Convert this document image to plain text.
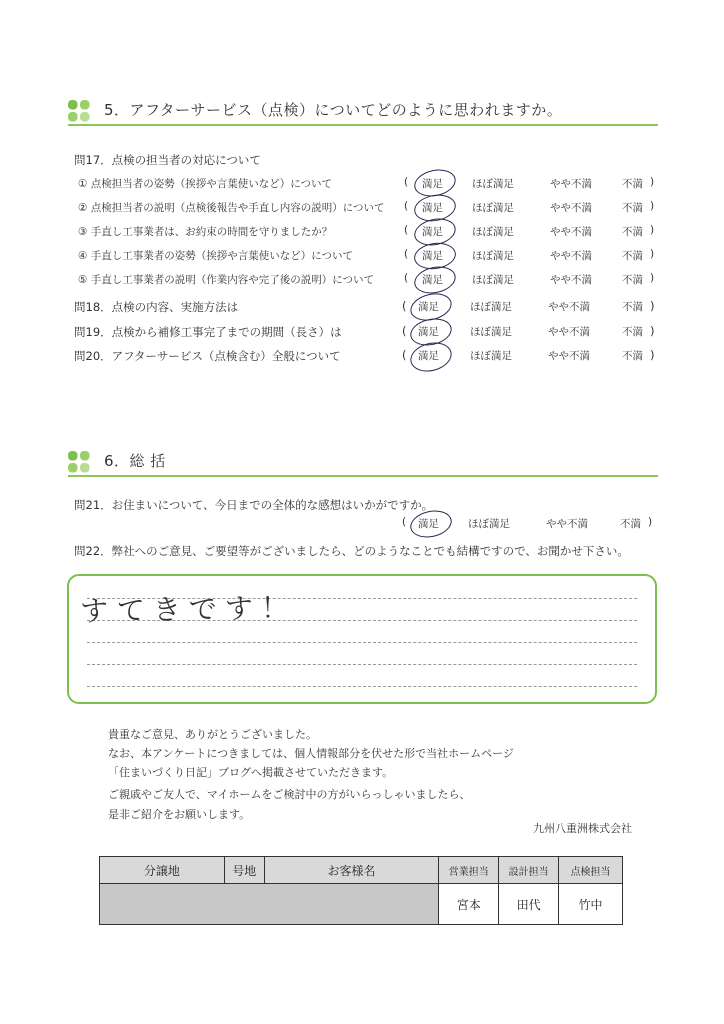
5．アフターサービス（点検）についてどのように思われますか。
問17．点検の担当者の対応について
① 点検担当者の姿勢（挨拶や言葉使いなど）について	( 満足	ほぼ満足	やや不満	不満 )
② 点検担当者の説明（点検後報告や手直し内容の説明）について ( 満足	ほぼ満足	やや不満	不満 )
③ 手直し工事業者は、お約束の時間を守りましたか？	( 満足	ほぼ満足	やや不満	不満 )
④ 手直し工事業者の姿勢（挨拶や言葉使いなど）について	( 満足	ほぼ満足	やや不満	不満 )
⑤ 手直し工事業者の説明（作業内容や完了後の説明）について	( 満足	ほぼ満足	やや不満	不満 )
問18．点検の内容、実施方法は	( 満足	ほぼ満足	やや不満	不満 )
問19．点検から補修工事完了までの期間（長さ）は	( 満足	ほぼ満足	やや不満	不満 )
問20．アフターサービス（点検含む）全般について	( 満足	ほぼ満足	やや不満	不満 )
6．総 括
問21．お住まいについて、今日までの全体的な感想はいかがですか。
( 満足	ほぼ満足	やや不満	不満 )
問22．弊社へのご意見、ご要望等がございましたら、どのようなことでも結構ですので、お聞かせ下さい。
すてきです！
貴重なご意見、ありがとうございました。
なお、本アンケートにつきましては、個人情報部分を伏せた形で当社ホームページ
「住まいづくり日記」ブログへ掲載させていただきます。
ご親戚やご友人で、マイホームをご検討中の方がいらっしゃいましたら、
是非ご紹介をお願いします。
九州八重洲株式会社
分譲地	号地	お客様名	営業担当	設計担当	点検担当
			宮本	田代	竹中
